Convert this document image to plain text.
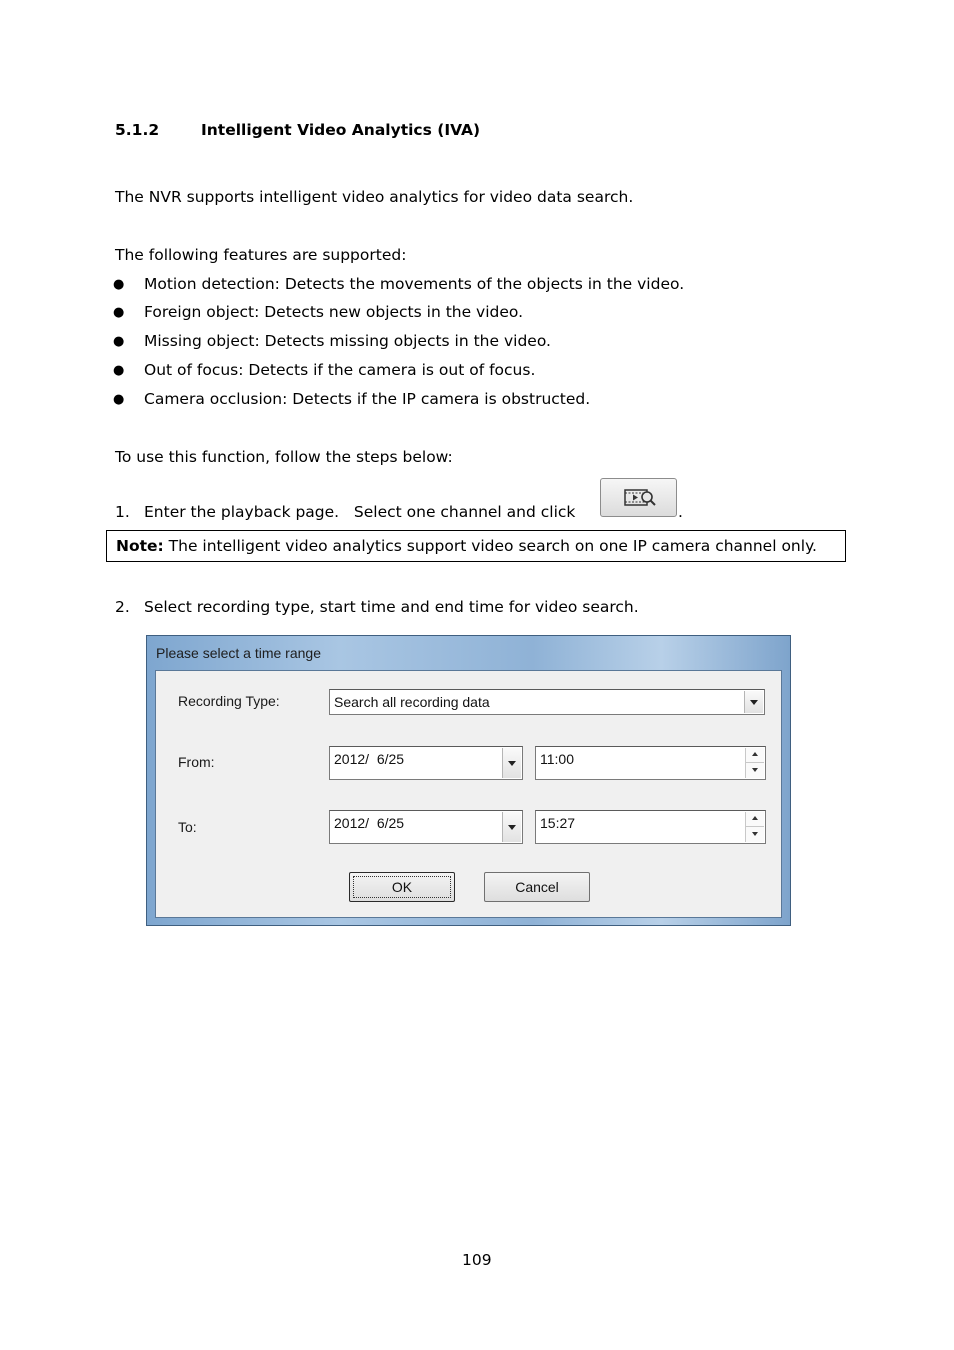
5.1.2	Intelligent Video Analytics (IVA)
The NVR supports intelligent video analytics for video data search.
The following features are supported:
● Motion detection: Detects the movements of the objects in the video.
● Foreign object: Detects new objects in the video.
● Missing object: Detects missing objects in the video.
● Out of focus: Detects if the camera is out of focus.
● Camera occlusion: Detects if the IP camera is obstructed.
To use this function, follow the steps below:
1. Enter the playback page.   Select one channel and click	.
Note: The intelligent video analytics support video search on one IP camera channel only.
2. Select recording type, start time and end time for video search.
Please select a time range
Recording Type:	Search all recording data
From:	2012/  6/25	11:00
To:	2012/  6/25	15:27
OK	Cancel
109
